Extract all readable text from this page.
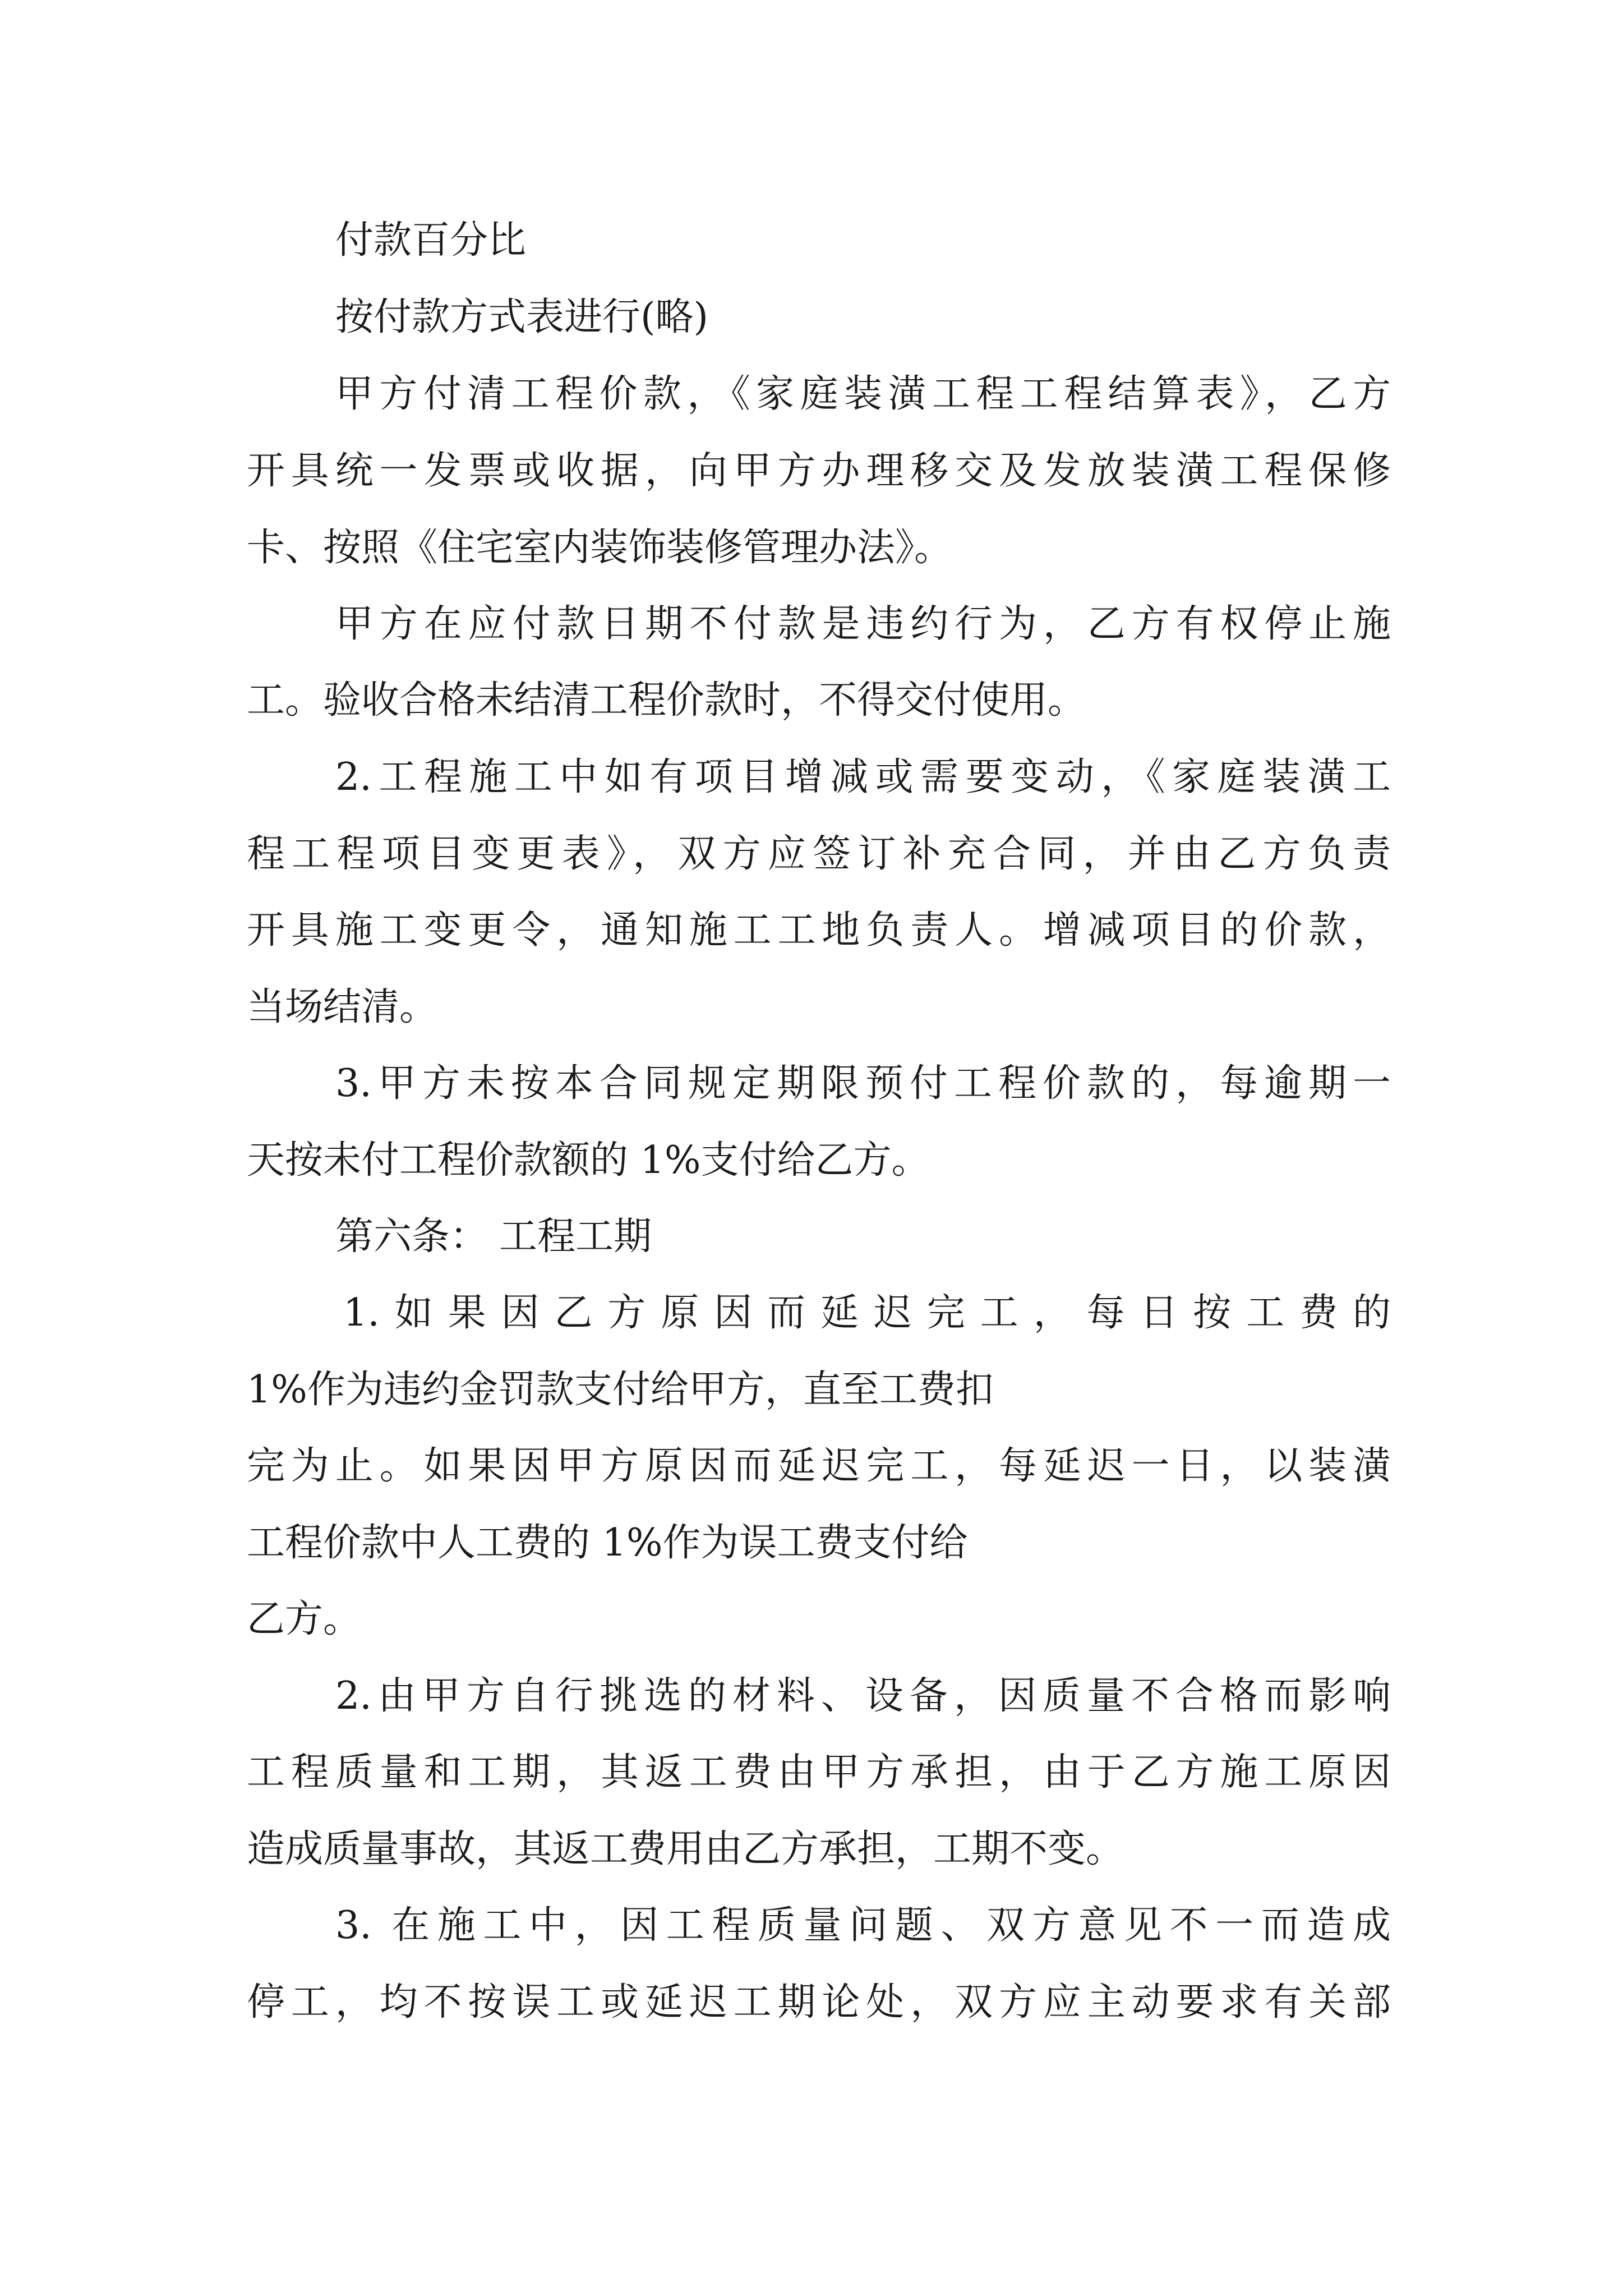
付款百分比
按付款方式表进行(略)
甲方付清工程价款，《家庭装潢工程工程结算表》，乙方
开具统一发票或收据，向甲方办理移交及发放装潢工程保修
卡、按照《住宅室内装饰装修管理办法》。
甲方在应付款日期不付款是违约行为，乙方有权停止施
工。验收合格未结清工程价款时，不得交付使用。
2.工程施工中如有项目增减或需要变动，《家庭装潢工
程工程项目变更表》，双方应签订补充合同，并由乙方负责
开具施工变更令，通知施工工地负责人。增减项目的价款，
当场结清。
3.甲方未按本合同规定期限预付工程价款的，每逾期一
天按未付工程价款额的 1%支付给乙方。
第六条： 工程工期
1.如果因乙方原因而延迟完工，每日按工费的
1%作为违约金罚款支付给甲方，直至工费扣
完为止。如果因甲方原因而延迟完工，每延迟一日，以装潢
工程价款中人工费的 1%作为误工费支付给
乙方。
2.由甲方自行挑选的材料、设备，因质量不合格而影响
工程质量和工期，其返工费由甲方承担，由于乙方施工原因
造成质量事故，其返工费用由乙方承担，工期不变。
3. 在施工中，因工程质量问题、双方意见不一而造成
停工，均不按误工或延迟工期论处，双方应主动要求有关部
